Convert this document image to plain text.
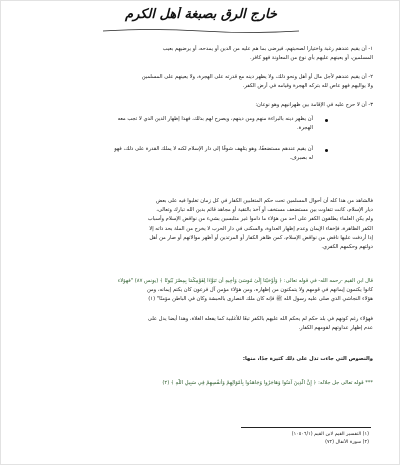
خارج الرق بصبغة أهل الكرم

١- أن يقيم عندهم رغبة واختيارا لصحبتهم، فيرضى بما هم عليه من الدين أو يمدحه، أو يرضيهم بعيب

المسلمين، أو يعينهم عليهم بأي نوع من المعاونة فهو كافر.

٢- أن يقيم عندهم لأجل مال أو أهل ونحو ذلك، ولا يظهر دينه مع قدرته على الهجرة، ولا يعينهم على المسلمين

ولا يواليهم فهو عاص لله بتركه الهجرة وقيامه في أرض الكفر.

٣- أن لا حرج عليه في الإقامة بين ظهرانيهم وهو نوعان:

أن يظهر دينه بالبراءة منهم ومن دينهم، ويصرح لهم بذلك، فهذا إظهار الدين الذي لا تجب معه

الهجرة.

أن يقيم عندهم مستضعفًا، وهو يتلهف شوقًا إلى دار الإسلام لكنه لا يملك القدرة على ذلك، فهو

له بصبرف.

فالشاهد من هذا كله أن أحوال المسلمين تحت حكم المتغلبين الكفار في كل زمان تغلبوا فيه على بعض

ديار الإسلام، كانت تتفاوت بين مستضعف مستخف أو آخذ بالتقية أو مجاهد قائم بدين الله تبارك وتعالى،

ولم يكن العلماء يطلقون الكفر على أحد من هؤلاء ما داموا غير متلبسين بشيء من نواقض الإسلام وأسباب

الكفر الظاهرة، فإخفاء الإيمان وعدم إظهار العداوة، والسكنى في دار الحرب لا يخرج من الملة بحد ذاته إلا

إذا أردفت عليها ناقض من نواقض الإسلام، كمن ظاهر الكفار أو المرتدين أو أظهر موالاتهم أو صار من أهل

دولتهم وحكمهم الكفري.

قال ابن القيم -رحمه الله- في قوله تعالى: ﴿ وَأَوْحَيْنَا إِلَىٰ مُوسَىٰ وَأَخِيهِ أَن تَبَوَّءَا لِقَوْمِكُمَا بِمِصْرَ بُيُوتًا ﴾ (يونس ٨٧) "فهؤلاء

كانوا يكتمون إيمانهم في قومهم ولا يتمكنون من إظهاره، ومن هؤلاء مؤمن آل فرعون كان يكتم إيمانه، ومن

هؤلاء النجاشي الذي صلى عليه رسول الله ﷺ فإنه كان ملك النصارى بالحبشة وكان في الباطن مؤمنًا" (١)

فهؤلاء رغم كونهم في بلد حكم لم يحكم الله عليهم بالكفر تبعًا للأغلبية كما يفعله الغلاة، وهذا أيضا يدل على

عدم إظهار عداوتهم لقومهم الكفار.

والنصوص التي جاءت تدل على ذلك كثيرة جدًا، منها:

*** قوله تعالى جل جلاله: ﴿ إِنَّ الَّذِينَ آمَنُوا وَهَاجَرُوا وَجَاهَدُوا بِأَمْوَالِهِمْ وَأَنفُسِهِمْ فِي سَبِيلِ اللَّهِ ﴾ (٢)

(١) التفسير القيم لابن القيم (١٠٥٠٦/١)

(٢) سورة الأنفال (٧٢)
